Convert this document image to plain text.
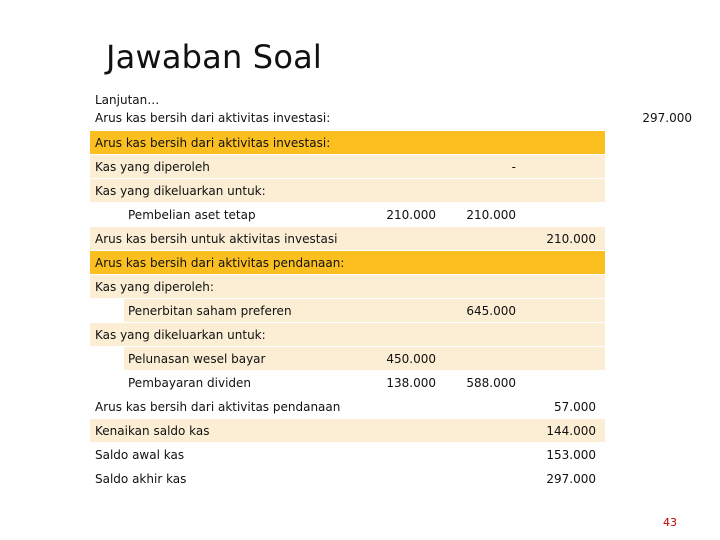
Jawaban Soal
Lanjutan…
Arus kas bersih dari aktivitas investasi:	297.000
Arus kas bersih dari aktivitas investasi:
Kas yang diperoleh	-
Kas yang dikeluarkan untuk:
Pembelian aset tetap	210.000	210.000
Arus kas bersih untuk aktivitas investasi	210.000
Arus kas bersih dari aktivitas pendanaan:
Kas yang diperoleh:
Penerbitan saham preferen	645.000
Kas yang dikeluarkan untuk:
Pelunasan wesel bayar	450.000
Pembayaran dividen	138.000	588.000
Arus kas bersih dari aktivitas pendanaan	57.000
Kenaikan saldo kas	144.000
Saldo awal kas	153.000
Saldo akhir kas	297.000
43
